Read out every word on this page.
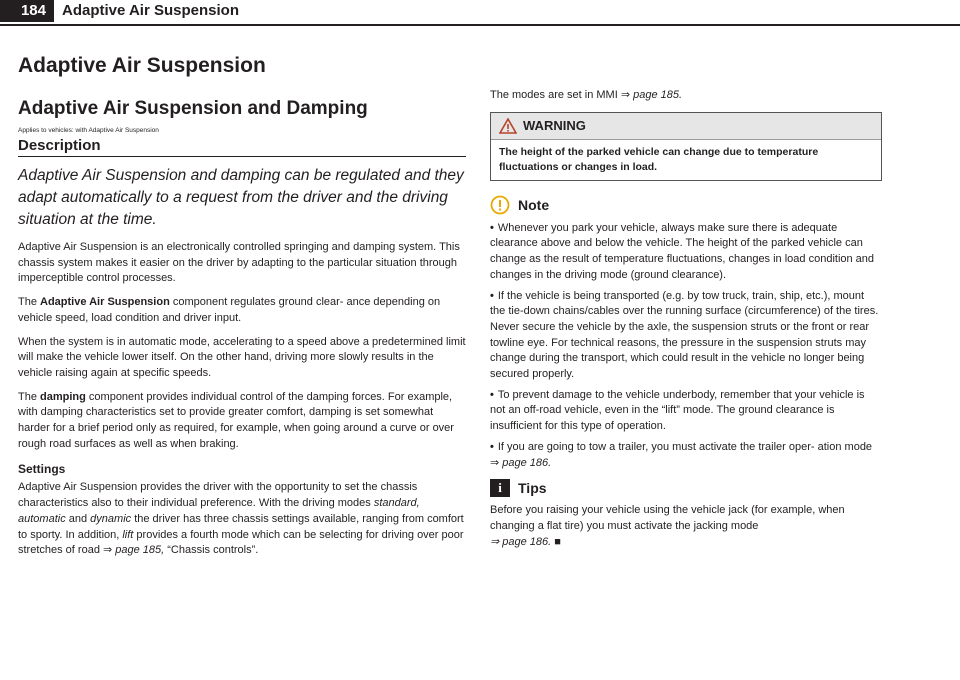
184	Adaptive Air Suspension
Adaptive Air Suspension
Adaptive Air Suspension and Damping
Applies to vehicles: with Adaptive Air Suspension
Description
Adaptive Air Suspension and damping can be regulated and they adapt automatically to a request from the driver and the driving situation at the time.

Adaptive Air Suspension is an electronically controlled springing and damping system. This chassis system makes it easier on the driver by adapting to the particular situation through imperceptible control processes.

The Adaptive Air Suspension component regulates ground clear- ance depending on vehicle speed, load condition and driver input.

When the system is in automatic mode, accelerating to a speed above a predetermined limit will make the vehicle lower itself. On the other hand, driving more slowly results in the vehicle raising again at specific speeds.

The damping component provides individual control of the damping forces. For example, with damping characteristics set to provide greater comfort, damping is set somewhat harder for a brief period only as required, for example, when going around a curve or over rough road surfaces as well as when braking.

Settings

Adaptive Air Suspension provides the driver with the opportunity to set the chassis characteristics also to their individual preference. With the driving modes standard, automatic and dynamic the driver has three chassis settings available, ranging from comfort to sporty. In addition, lift provides a fourth mode which can be selecting for driving over poor stretches of road ⇒ page 185, “Chassis controls”.

The modes are set in MMI ⇒ page 185.

WARNING
The height of the parked vehicle can change due to temperature fluctuations or changes in load.
Note
• Whenever you park your vehicle, always make sure there is adequate clearance above and below the vehicle. The height of the parked vehicle can change as the result of temperature fluctuations, changes in load condition and changes in the driving mode (ground clearance).
• If the vehicle is being transported (e.g. by tow truck, train, ship, etc.), mount the tie-down chains/cables over the running surface (circumference) of the tires. Never secure the vehicle by the axle, the suspension struts or the front or rear towline eye. For technical reasons, the pressure in the suspension struts may change during the transport, which could result in the vehicle no longer being secured properly.
• To prevent damage to the vehicle underbody, remember that your vehicle is not an off-road vehicle, even in the “lift” mode. The ground clearance is insufficient for this type of operation.
• If you are going to tow a trailer, you must activate the trailer oper- ation mode ⇒ page 186.
i	Tips

Before you raising your vehicle using the vehicle jack (for example, when changing a flat tire) you must activate the jacking mode
⇒ page 186. ■
